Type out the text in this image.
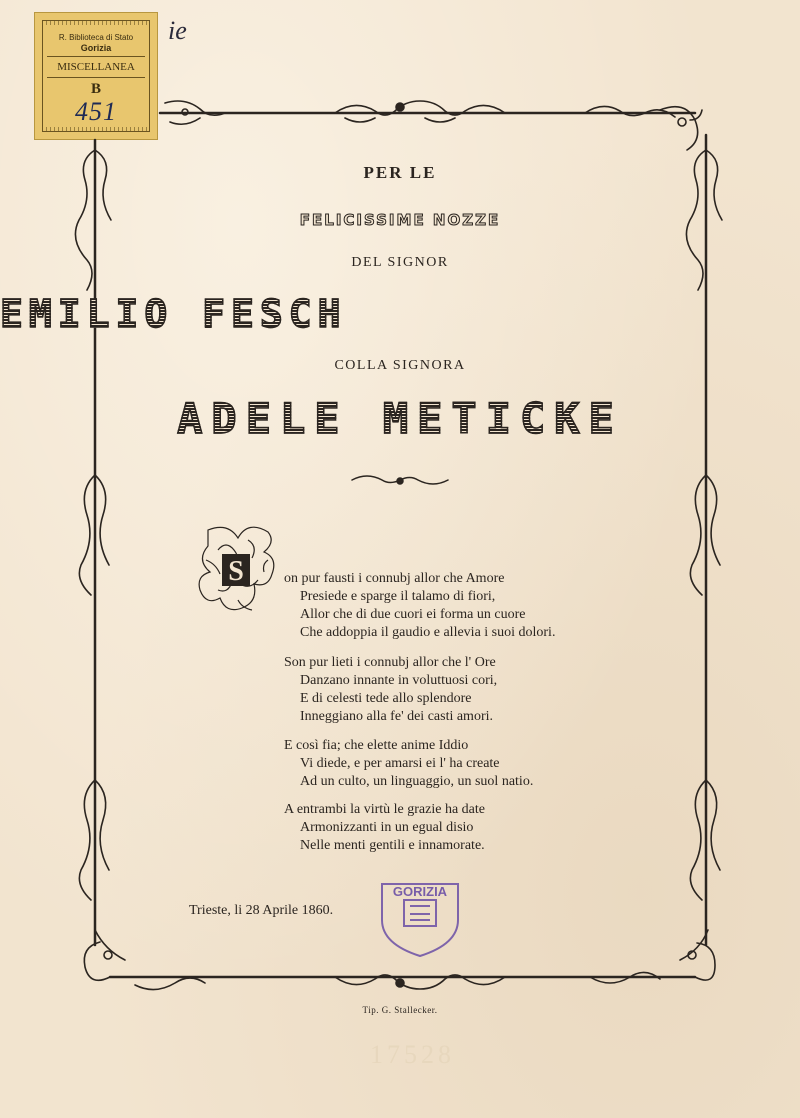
R. Biblioteca di Stato
Gorizia
MISCELLANEA
B
451
ie
PER LE
FELICISSIME NOZZE
DEL SIGNOR
EMILIO FESCH
COLLA SIGNORA
ADELE METICKE
S	on pur fausti i connubj allor che Amore
Presiede e sparge il talamo di fiori,
Allor che di due cuori ei forma un cuore
Che addoppia il gaudio e allevia i suoi dolori.
Son pur lieti i connubj allor che l' Ore
Danzano innante in voluttuosi cori,
E di celesti tede allo splendore
Inneggiano alla fe' dei casti amori.
E così fia; che elette anime Iddio
Vi diede, e per amarsi ei l' ha create
Ad un culto, un linguaggio, un suol natio.
A entrambi la virtù le grazie ha date
Armonizzanti in un egual disio
Nelle menti gentili e innamorate.
Trieste, li 28 Aprile 1860.
GORIZIA
Tip. G. Stallecker.
17528
